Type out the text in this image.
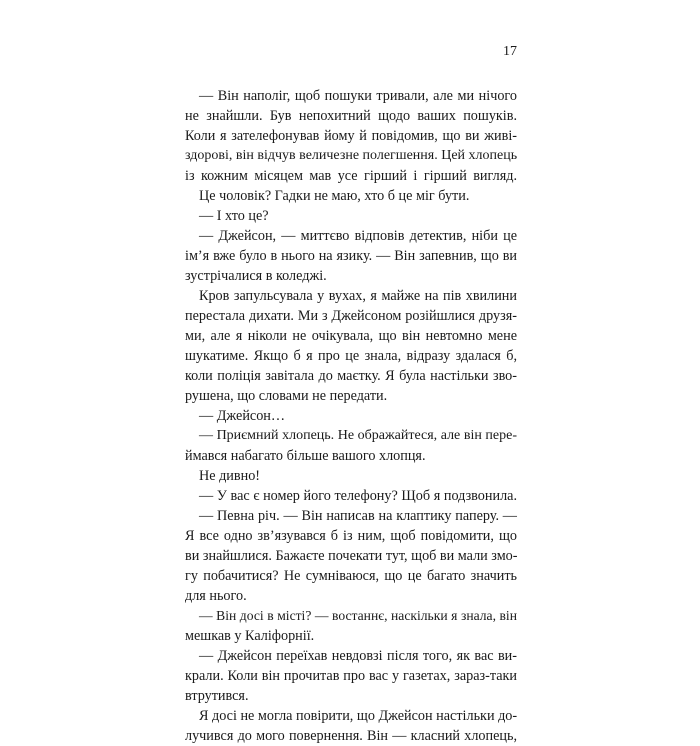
17
— Він наполіг, щоб пошуки тривали, але ми нічого
не знайшли. Був непохитний щодо ваших пошуків.
Коли я зателефонував йому й повідомив, що ви живі-
здорові, він відчув величезне полегшення. Цей хлопець
із кожним місяцем мав усе гірший і гірший вигляд.
Це чоловік? Гадки не маю, хто б це міг бути.
— І хто це?
— Джейсон, — миттєво відповів детектив, ніби це
ім’я вже було в нього на язику. — Він запевнив, що ви
зустрічалися в коледжі.
Кров запульсувала у вухах, я майже на пів хвилини
перестала дихати. Ми з Джейсоном розійшлися друзя-
ми, але я ніколи не очікувала, що він невтомно мене
шукатиме. Якщо б я про це знала, відразу здалася б,
коли поліція завітала до маєтку. Я була настільки зво-
рушена, що словами не передати.
— Джейсон…
— Приємний хлопець. Не ображайтеся, але він пере-
ймався набагато більше вашого хлопця.
Не дивно!
— У вас є номер його телефону? Щоб я подзвонила.
— Певна річ. — Він написав на клаптику паперу. —
Я все одно зв’язувався б із ним, щоб повідомити, що
ви знайшлися. Бажаєте почекати тут, щоб ви мали змо-
гу побачитися? Не сумніваюся, що це багато значить
для нього.
— Він досі в місті? — востаннє, наскільки я знала, він
мешкав у Каліфорнії.
— Джейсон переїхав невдовзі після того, як вас ви-
крали. Коли він прочитав про вас у газетах, зараз-таки
втрутився.
Я досі не могла повірити, що Джейсон настільки до-
лучився до мого повернення. Він — класний хлопець,
